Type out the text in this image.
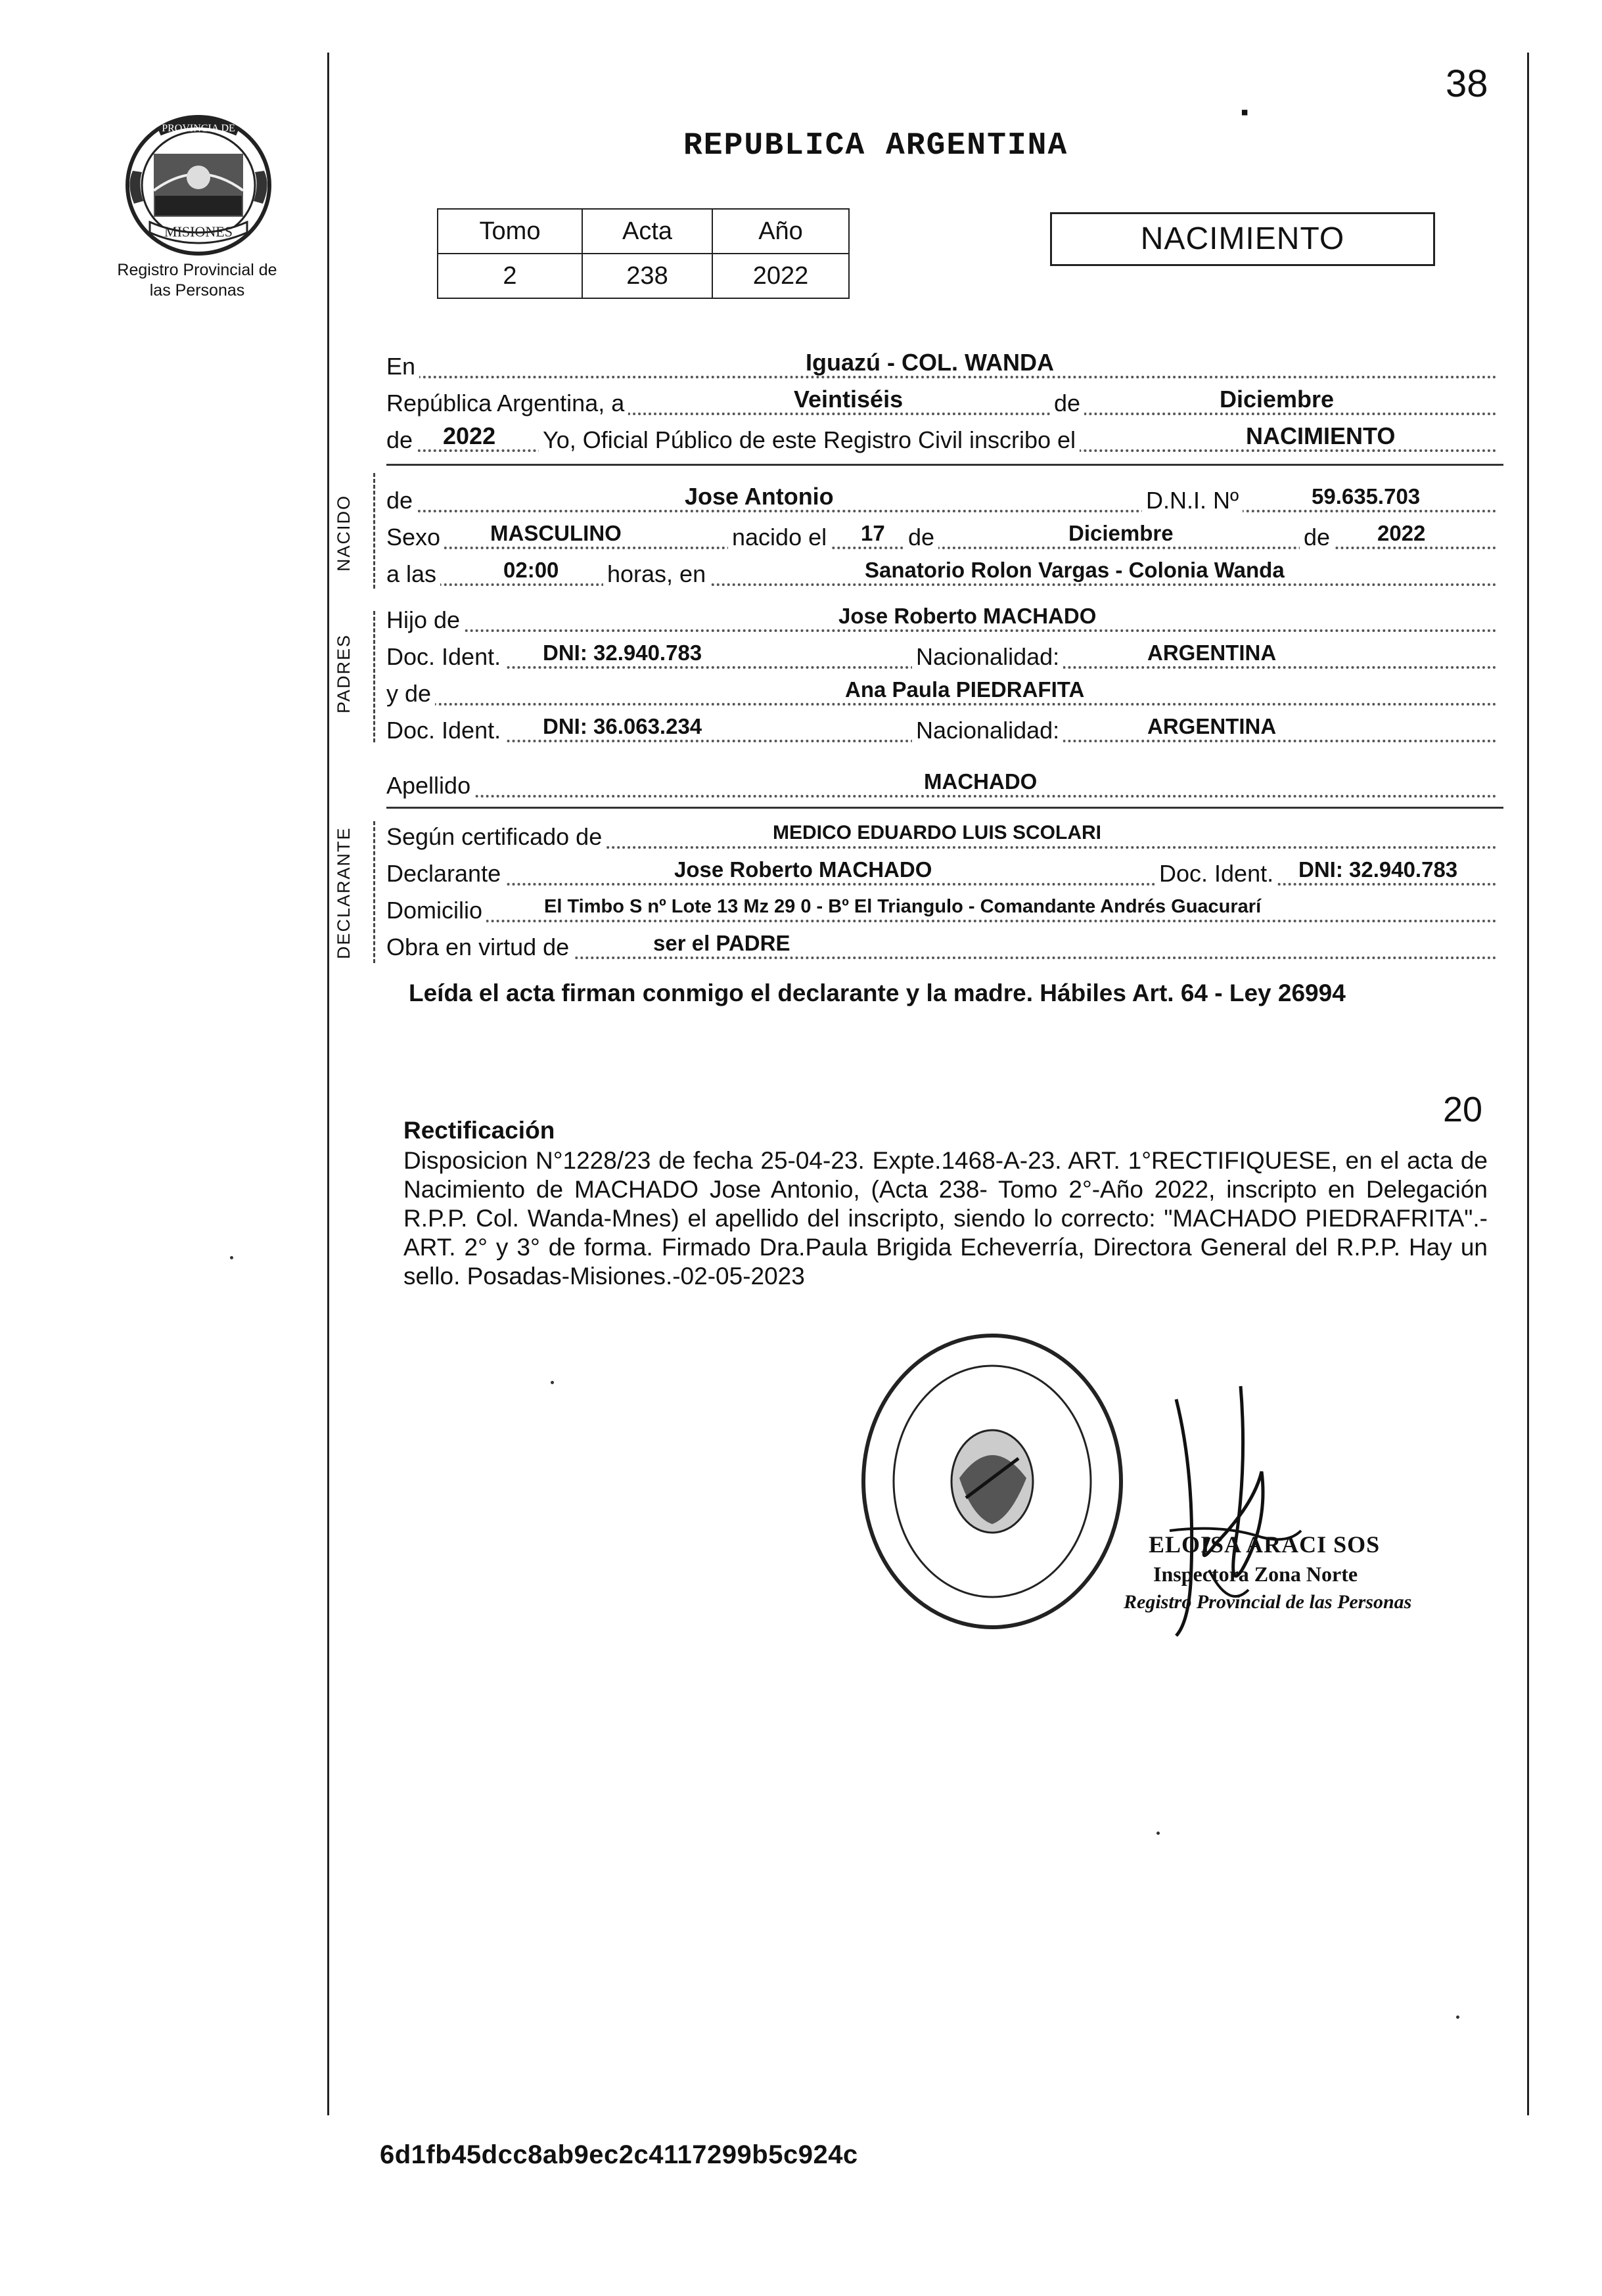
38
▪
MISIONES
PROVINCIA DE
Registro Provincial de las Personas
REPUBLICA ARGENTINA
Tomo	Acta	Año
2	238	2022
NACIMIENTO
En	Iguazú - COL. WANDA
República Argentina, a	Veintiséis	de	Diciembre
de 2022 Yo, Oficial Público de este Registro Civil inscribo el	NACIMIENTO
NACIDO de	Jose Antonio	D.N.I. Nº	59.635.703
Sexo MASCULINO	nacido el 17 de	Diciembre	de 2022
a las	02:00 horas, en	Sanatorio Rolon Vargas - Colonia Wanda
PADRES
Hijo de	Jose Roberto MACHADO
Doc. Ident. DNI: 32.940.783	Nacionalidad:	ARGENTINA
y de	Ana Paula PIEDRAFITA
Doc. Ident. DNI: 36.063.234	Nacionalidad:	ARGENTINA
Apellido	MACHADO
DECLARANTE Según certificado de	MEDICO EDUARDO LUIS SCOLARI
Declarante	Jose Roberto MACHADO	Doc. Ident. DNI: 32.940.783
Domicilio	El Timbo S nº Lote 13 Mz 29 0 - Bº El Triangulo - Comandante Andrés Guacurarí
Obra en virtud de	ser el PADRE
Leída el acta firman conmigo el declarante y la madre. Hábiles Art. 64 - Ley 26994
20
Rectificación
Disposicion N°1228/23 de fecha 25-04-23. Expte.1468-A-23. ART. 1°RECTIFIQUESE, en el acta de Nacimiento de MACHADO Jose Antonio, (Acta 238- Tomo 2°-Año 2022, inscripto en Delegación R.P.P. Col. Wanda-Mnes) el apellido del inscripto, siendo lo correcto: "MACHADO PIEDRAFRITA".- ART. 2° y 3° de forma. Firmado Dra.Paula Brigida Echeverría, Directora General del R.P.P. Hay un sello. Posadas-Misiones.-02-05-2023
ELOISA ARACI SOS
Inspectora Zona Norte
Registro Provincial de las Personas
6d1fb45dcc8ab9ec2c4117299b5c924c
